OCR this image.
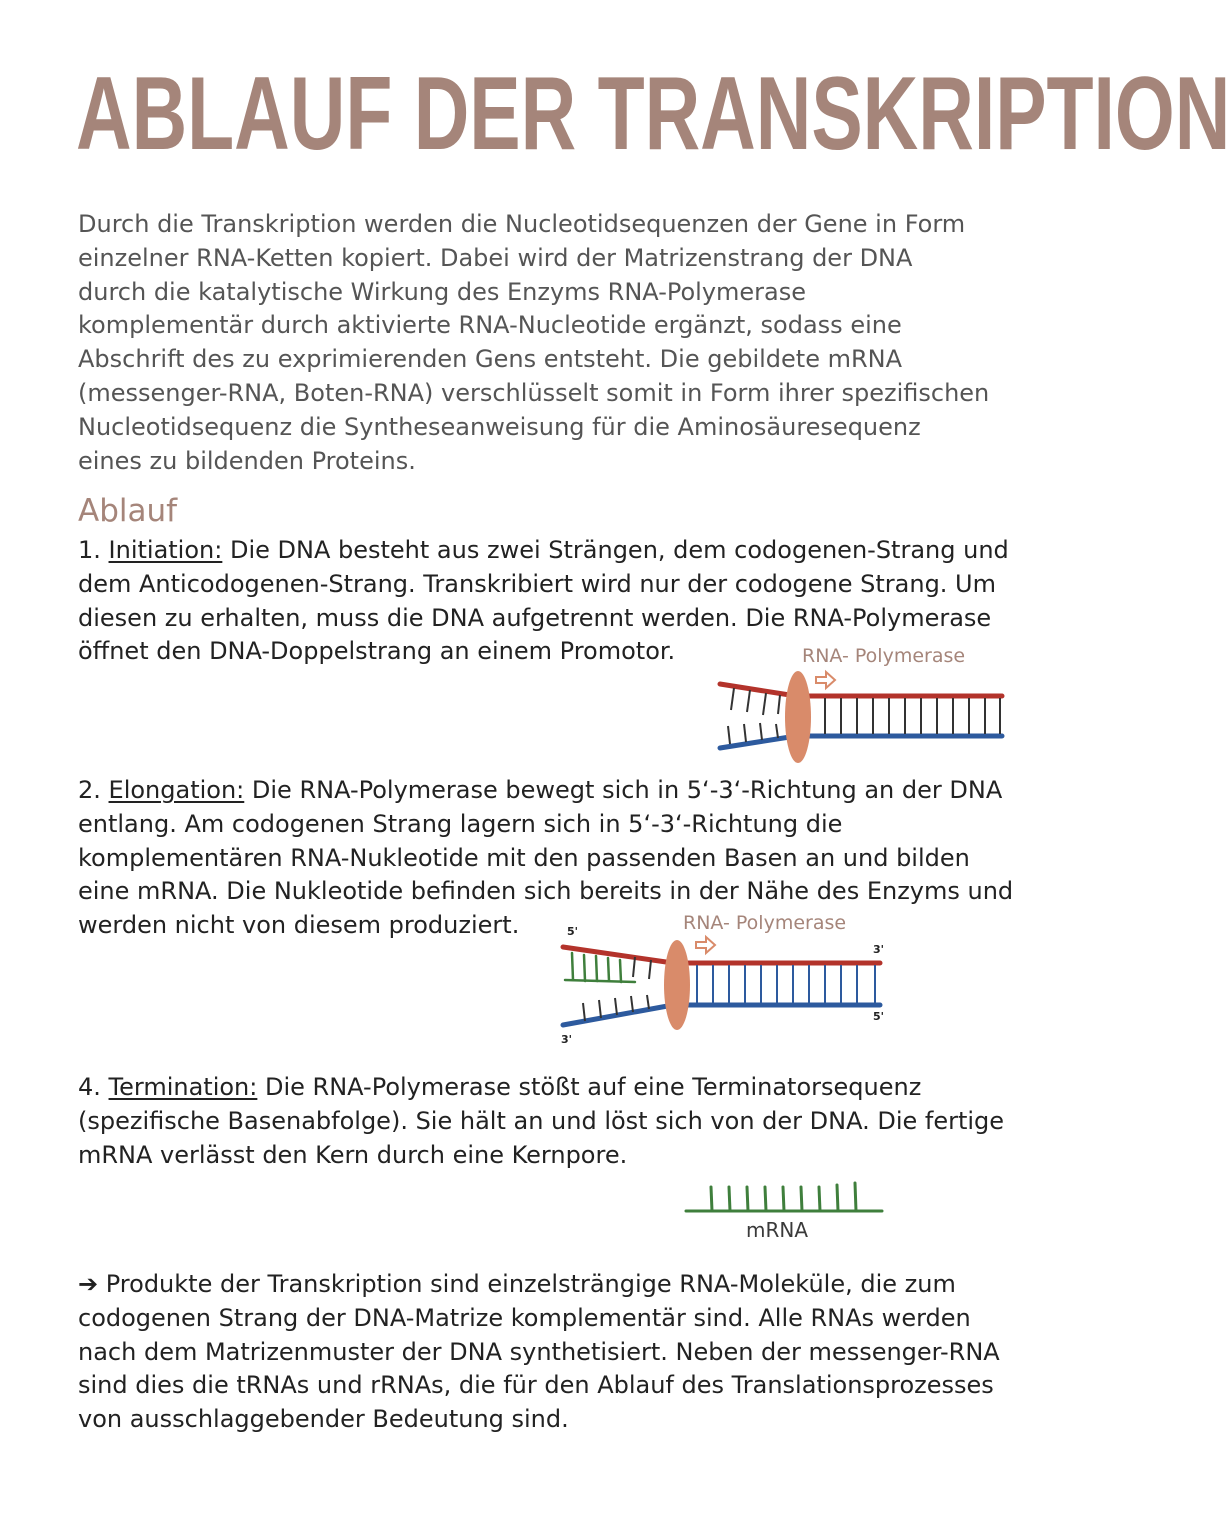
ABLAUF DER TRANSKRIPTION
Durch die Transkription werden die Nucleotidsequenzen der Gene in Form
einzelner RNA-Ketten kopiert. Dabei wird der Matrizenstrang der DNA
durch die katalytische Wirkung des Enzyms RNA-Polymerase
komplementär durch aktivierte RNA-Nucleotide ergänzt, sodass eine
Abschrift des zu exprimierenden Gens entsteht. Die gebildete mRNA
(messenger-RNA, Boten-RNA) verschlüsselt somit in Form ihrer spezifischen
Nucleotidsequenz die Syntheseanweisung für die Aminosäuresequenz
eines zu bildenden Proteins.
Ablauf
1. Initiation: Die DNA besteht aus zwei Strängen, dem codogenen-Strang und
dem Anticodogenen-Strang. Transkribiert wird nur der codogene Strang. Um
diesen zu erhalten, muss die DNA aufgetrennt werden. Die RNA-Polymerase
öffnet den DNA-Doppelstrang an einem Promotor.	RNA- Polymerase
2. Elongation: Die RNA-Polymerase bewegt sich in 5‘-3‘-Richtung an der DNA
entlang. Am codogenen Strang lagern sich in 5‘-3‘-Richtung die
komplementären RNA-Nukleotide mit den passenden Basen an und bilden
eine mRNA. Die Nukleotide befinden sich bereits in der Nähe des Enzyms und
werden nicht von diesem produziert.	RNA- Polymerase
5'
3'
3'
5'
4. Termination: Die RNA-Polymerase stößt auf eine Terminatorsequenz
(spezifische Basenabfolge). Sie hält an und löst sich von der DNA. Die fertige
mRNA verlässt den Kern durch eine Kernpore.
mRNA
➔ Produkte der Transkription sind einzelsträngige RNA-Moleküle, die zum
codogenen Strang der DNA-Matrize komplementär sind. Alle RNAs werden
nach dem Matrizenmuster der DNA synthetisiert. Neben der messenger-RNA
sind dies die tRNAs und rRNAs, die für den Ablauf des Translationsprozesses
von ausschlaggebender Bedeutung sind.
